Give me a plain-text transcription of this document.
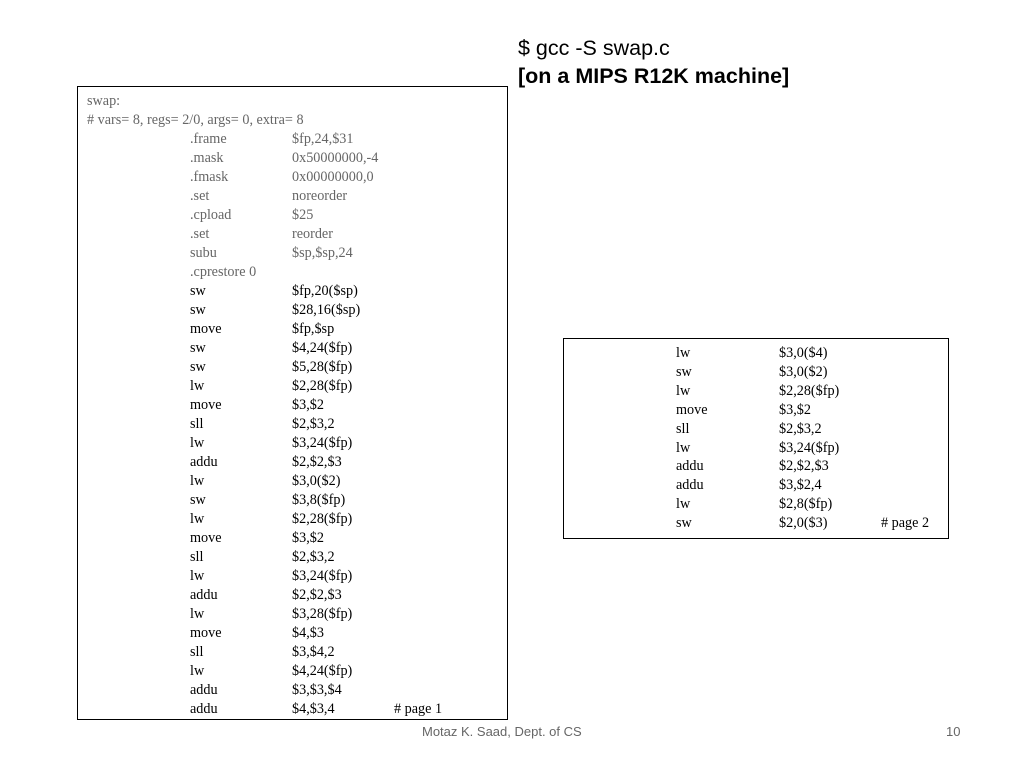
$ gcc -S swap.c
[on a MIPS R12K machine]
swap:
# vars= 8, regs= 2/0, args= 0, extra= 8
.frame	$fp,24,$31
.mask	0x50000000,-4
.fmask	0x00000000,0
.set	noreorder
.cpload	$25
.set	reorder
subu	$sp,$sp,24
.cprestore 0
sw	$fp,20($sp)
sw	$28,16($sp)
move	$fp,$sp
sw	$4,24($fp)
sw	$5,28($fp)
lw	$2,28($fp)
move	$3,$2
sll	$2,$3,2
lw	$3,24($fp)
addu	$2,$2,$3
lw	$3,0($2)
sw	$3,8($fp)
lw	$2,28($fp)
move	$3,$2
sll	$2,$3,2
lw	$3,24($fp)
addu	$2,$2,$3
lw	$3,28($fp)
move	$4,$3
sll	$3,$4,2
lw	$4,24($fp)
addu	$3,$3,$4
addu	$4,$3,4	# page 1
lw	$3,0($4)
sw	$3,0($2)
lw	$2,28($fp)
move	$3,$2
sll	$2,$3,2
lw	$3,24($fp)
addu	$2,$2,$3
addu	$3,$2,4
lw	$2,8($fp)
sw	$2,0($3)	# page 2
Motaz K. Saad, Dept. of CS	10
